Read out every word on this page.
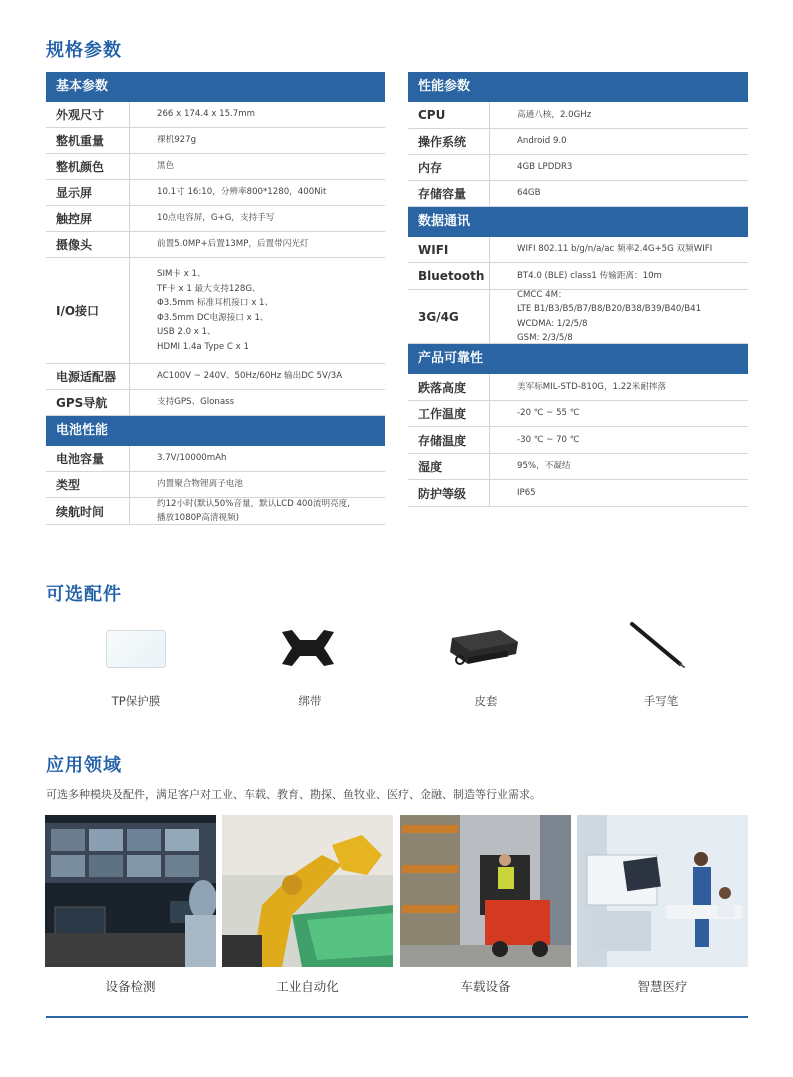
规格参数
基本参数
外观尺寸	266 x 174.4 x 15.7mm
整机重量	裸机927g
整机颜色	黑色
显示屏	10.1寸 16:10，分辨率800*1280，400Nit
触控屏	10点电容屏，G+G，支持手写
摄像头	前置5.0MP+后置13MP，后置带闪光灯
I/O接口
SIM卡 x 1、
TF卡 x 1 最大支持128G、
Φ3.5mm 标准耳机接口 x 1、
Φ3.5mm DC电源接口 x 1、
USB 2.0 x 1、
HDMI 1.4a Type C x 1
电源适配器	AC100V ~ 240V、50Hz/60Hz 输出DC 5V/3A
GPS导航	支持GPS、Glonass
电池性能
电池容量	3.7V/10000mAh
类型	内置聚合物锂离子电池
续航时间
约12小时(默认50%音量，默认LCD 400流明亮度,
播放1080P高清视频)
性能参数
CPU	高通八核，2.0GHz
操作系统	Android 9.0
内存	4GB LPDDR3
存储容量	64GB
数据通讯
WIFI	WIFI 802.11 b/g/n/a/ac 频率2.4G+5G 双频WIFI
Bluetooth	BT4.0 (BLE) class1 传输距离：10m
3G/4G
CMCC 4M：
LTE B1/B3/B5/B7/B8/B20/B38/B39/B40/B41
WCDMA: 1/2/5/8
GSM: 2/3/5/8
产品可靠性
跌落高度	美军标MIL-STD-810G，1.22米耐摔落
工作温度	-20 ℃ ~ 55 ℃
存储温度	-30 ℃ ~ 70 ℃
湿度	95%，不凝结
防护等级	IP65
可选配件
TP保护膜	绑带	皮套	手写笔
应用领域
可选多种模块及配件，满足客户对工业、车载、教育、勘探、鱼牧业、医疗、金融、制造等行业需求。
设备检测	工业自动化	车载设备	智慧医疗
